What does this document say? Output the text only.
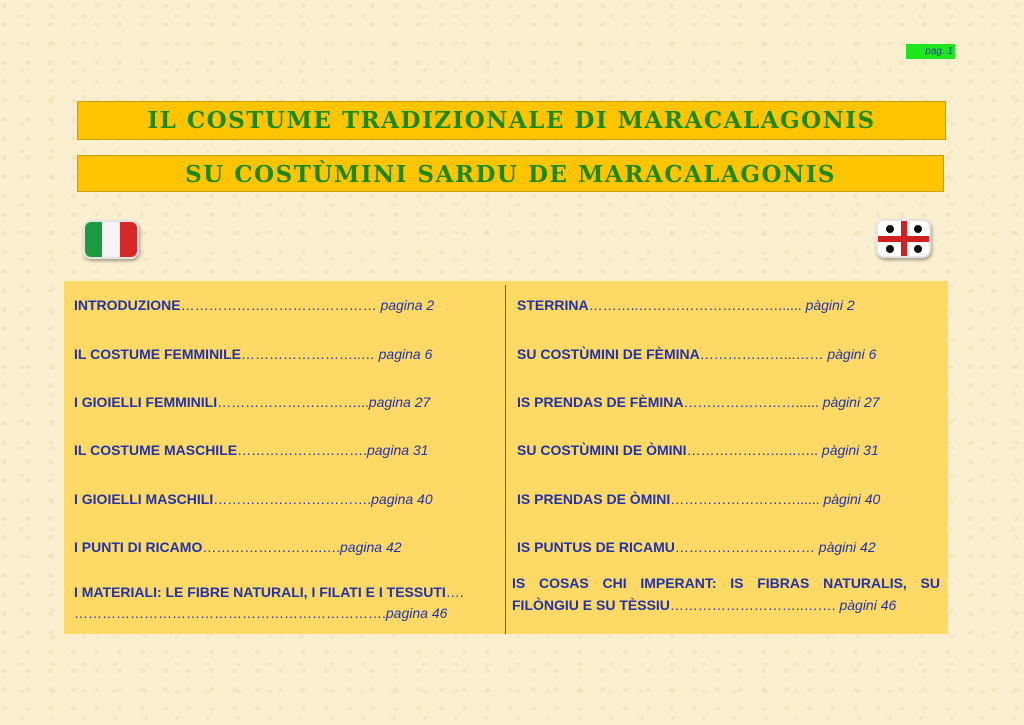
pag. 1
IL COSTUME TRADIZIONALE DI MARACALAGONIS
SU COSTÙMINI SARDU DE MARACALAGONIS
INTRODUZIONE…………………………………… pagina 2
IL COSTUME FEMMINILE……………………..… pagina 6
I GIOIELLI FEMMINILI…………………………...pagina 27
IL COSTUME MASCHILE……………………….pagina 31
I GIOIELLI MASCHILI…………………………….pagina 40
I PUNTI DI RICAMO……………………..….pagina 42
I MATERIALI: LE FIBRE NATURALI, I FILATI E I TESSUTI….
………………………………………………………….pagina 46
STERRINA………..…………………………...... pàgini 2
SU COSTÙMINI DE FÈMINA………………...…… pàgini 6
IS PRENDAS DE FÈMINA……………………...... pàgini 27
SU COSTÙMINI DE ÒMINI……………….…..….. pàgini 31
IS PRENDAS DE ÒMINI………………………...... pàgini 40
IS PUNTUS DE RICAMU………………………… pàgini 42
IS COSAS CHI IMPERANT: IS FIBRAS NATURALIS, SU FILÒNGIU E SU TÈSSIU………………………..……. pàgini 46
